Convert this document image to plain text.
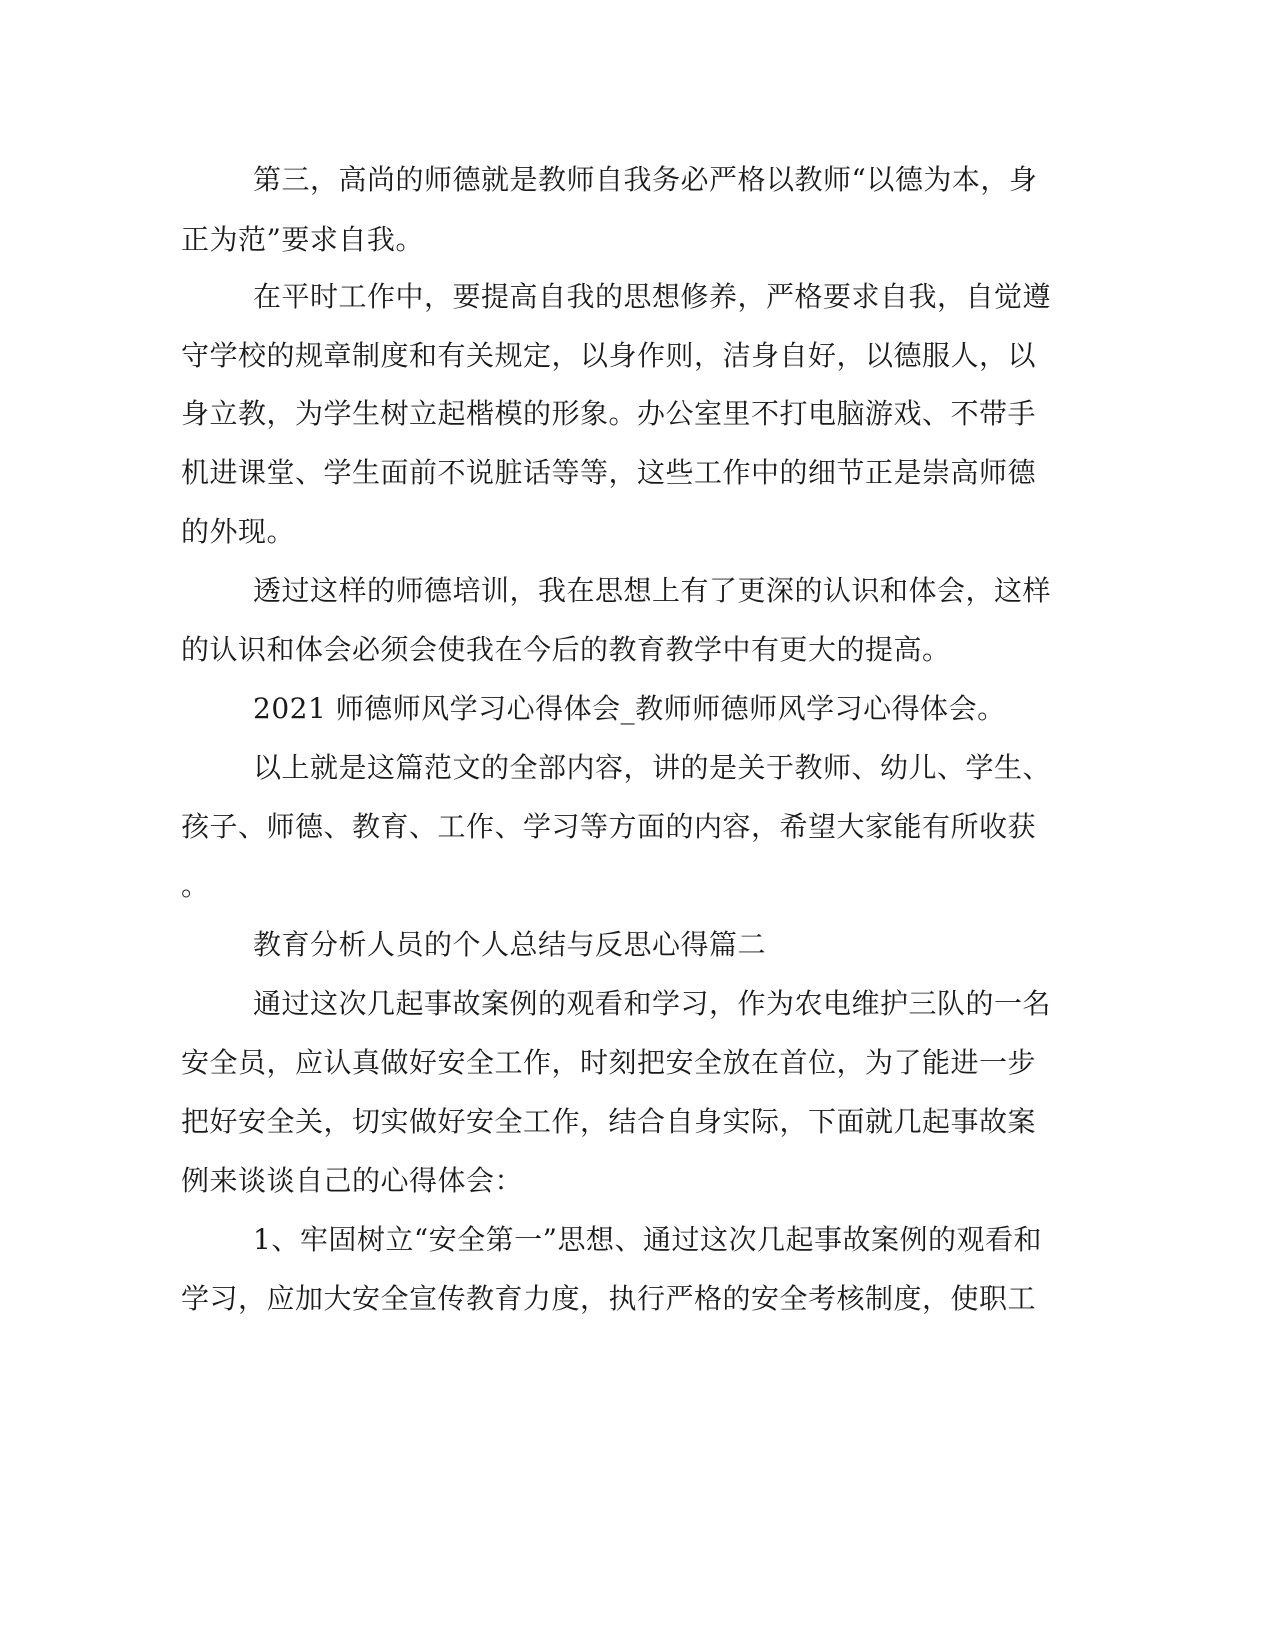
第三，高尚的师德就是教师自我务必严格以教师“以德为本，身

正为范”要求自我。

在平时工作中，要提高自我的思想修养，严格要求自我，自觉遵

守学校的规章制度和有关规定，以身作则，洁身自好，以德服人，以

身立教，为学生树立起楷模的形象。办公室里不打电脑游戏、不带手

机进课堂、学生面前不说脏话等等，这些工作中的细节正是崇高师德

的外现。

透过这样的师德培训，我在思想上有了更深的认识和体会，这样

的认识和体会必须会使我在今后的教育教学中有更大的提高。

2021 师德师风学习心得体会_教师师德师风学习心得体会。

以上就是这篇范文的全部内容，讲的是关于教师、幼儿、学生、

孩子、师德、教育、工作、学习等方面的内容，希望大家能有所收获

。

教育分析人员的个人总结与反思心得篇二

通过这次几起事故案例的观看和学习，作为农电维护三队的一名

安全员，应认真做好安全工作，时刻把安全放在首位，为了能进一步

把好安全关，切实做好安全工作，结合自身实际，下面就几起事故案

例来谈谈自己的心得体会：

1、牢固树立“安全第一”思想、通过这次几起事故案例的观看和

学习，应加大安全宣传教育力度，执行严格的安全考核制度，使职工
